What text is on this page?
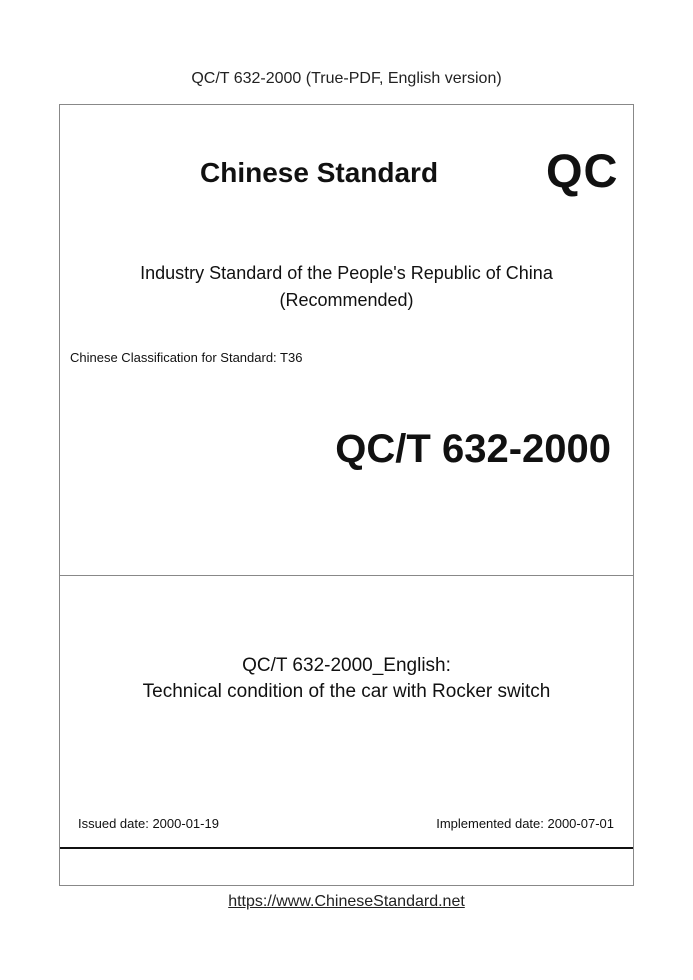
QC/T 632-2000 (True-PDF, English version)
Chinese Standard QC
Industry Standard of the People's Republic of China
(Recommended)
Chinese Classification for Standard: T36
QC/T 632-2000
QC/T 632-2000_English:
Technical condition of the car with Rocker switch
Issued date: 2000-01-19	Implemented date: 2000-07-01
https://www.ChineseStandard.net
